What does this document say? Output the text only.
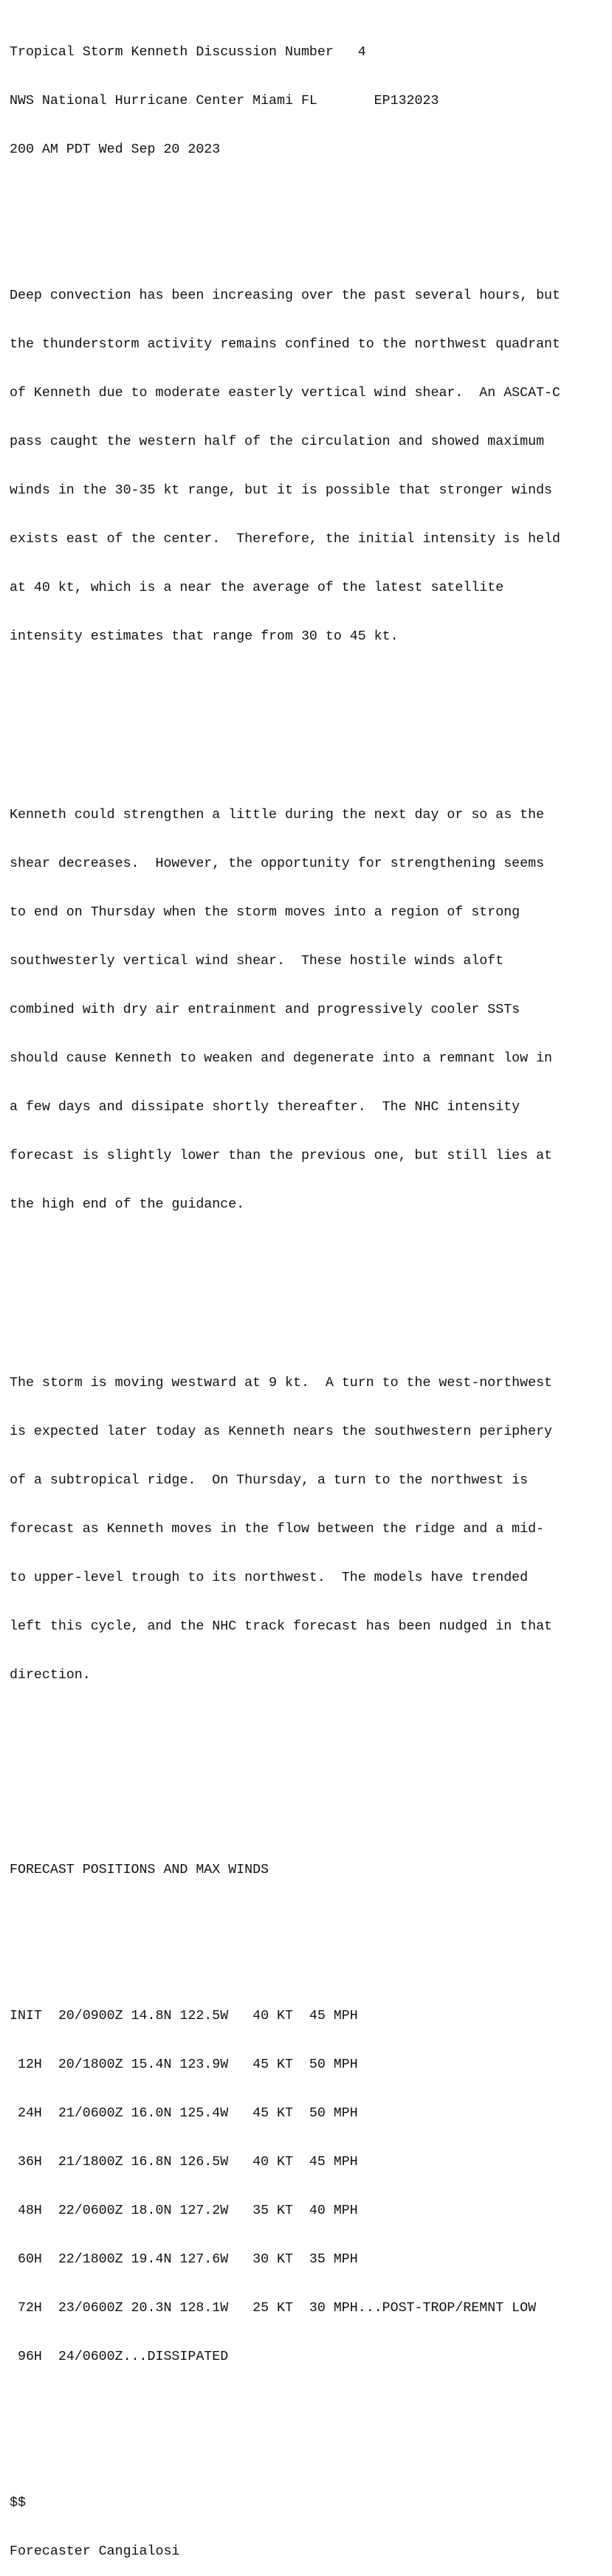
Tropical Storm Kenneth Discussion Number   4

NWS National Hurricane Center Miami FL       EP132023

200 AM PDT Wed Sep 20 2023

Deep convection has been increasing over the past several hours, but

the thunderstorm activity remains confined to the northwest quadrant

of Kenneth due to moderate easterly vertical wind shear.  An ASCAT-C

pass caught the western half of the circulation and showed maximum

winds in the 30-35 kt range, but it is possible that stronger winds

exists east of the center.  Therefore, the initial intensity is held

at 40 kt, which is a near the average of the latest satellite

intensity estimates that range from 30 to 45 kt.

Kenneth could strengthen a little during the next day or so as the

shear decreases.  However, the opportunity for strengthening seems

to end on Thursday when the storm moves into a region of strong

southwesterly vertical wind shear.  These hostile winds aloft

combined with dry air entrainment and progressively cooler SSTs

should cause Kenneth to weaken and degenerate into a remnant low in

a few days and dissipate shortly thereafter.  The NHC intensity

forecast is slightly lower than the previous one, but still lies at

the high end of the guidance.

The storm is moving westward at 9 kt.  A turn to the west-northwest

is expected later today as Kenneth nears the southwestern periphery

of a subtropical ridge.  On Thursday, a turn to the northwest is

forecast as Kenneth moves in the flow between the ridge and a mid-

to upper-level trough to its northwest.  The models have trended

left this cycle, and the NHC track forecast has been nudged in that

direction.

FORECAST POSITIONS AND MAX WINDS

INIT  20/0900Z 14.8N 122.5W   40 KT  45 MPH

12H  20/1800Z 15.4N 123.9W   45 KT  50 MPH

24H  21/0600Z 16.0N 125.4W   45 KT  50 MPH

36H  21/1800Z 16.8N 126.5W   40 KT  45 MPH

48H  22/0600Z 18.0N 127.2W   35 KT  40 MPH

60H  22/1800Z 19.4N 127.6W   30 KT  35 MPH

72H  23/0600Z 20.3N 128.1W   25 KT  30 MPH...POST-TROP/REMNT LOW

96H  24/0600Z...DISSIPATED

$$

Forecaster Cangialosi
